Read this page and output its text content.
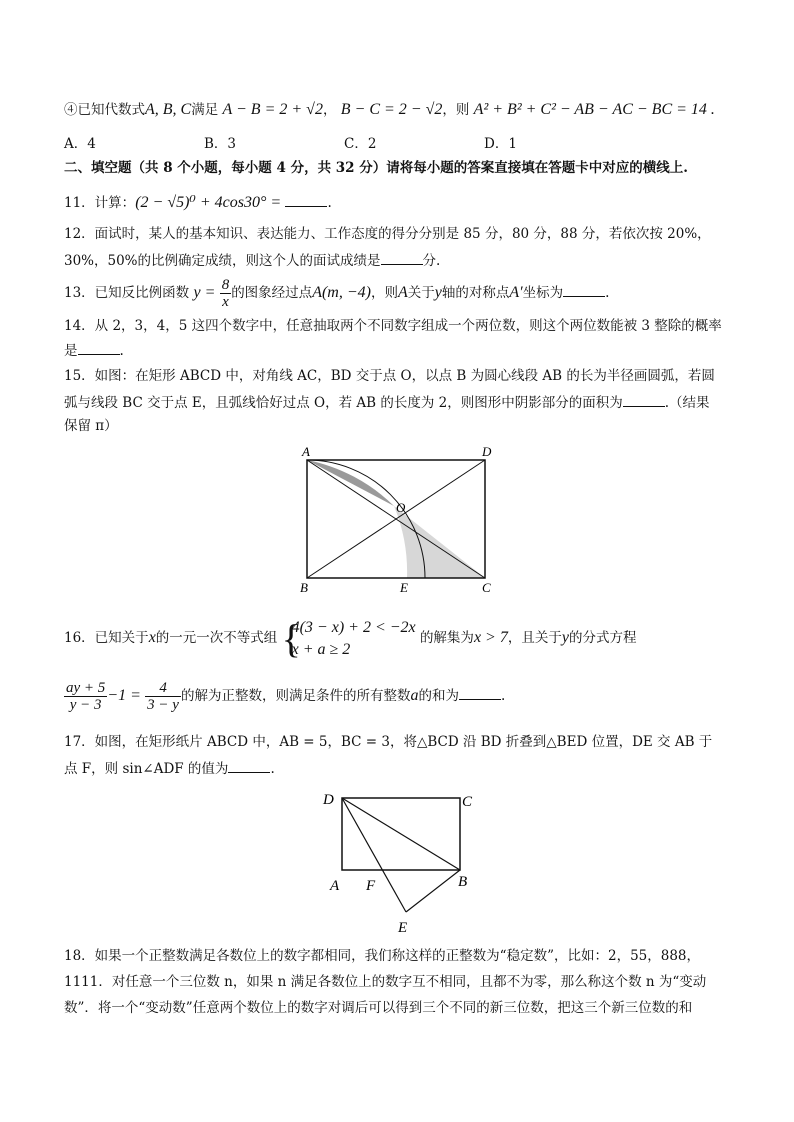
④已知代数式A, B, C满足 A − B = 2 + √2， B − C = 2 − √2，则 A² + B² + C² − AB − AC − BC = 14 .
A．4	B．3	C．2	D．1
二、填空题（共 8 个小题，每小题 4 分，共 32 分）请将每小题的答案直接填在答题卡中对应的横线上.
11．计算：(2 − √5)⁰ + 4cos30° =	.
12．面试时，某人的基本知识、表达能力、工作态度的得分分别是 85 分，80 分，88 分，若依次按 20%，
30%，50%的比例确定成绩，则这个人的面试成绩是	分.
13．已知反比例函数 $y = \frac{8}{x}$ 的图象经过点A(m, −4)，则A关于y轴的对称点A′坐标为	.
14．从 2，3，4，5 这四个数字中，任意抽取两个不同数字组成一个两位数，则这个两位数能被 3 整除的概率
是	.
15．如图：在矩形 ABCD 中，对角线 AC，BD 交于点 O，以点 B 为圆心线段 AB 的长为半径画圆弧，若圆
弧与线段 BC 交于点 E，且弧线恰好过点 O，若 AB 的长度为 2，则图形中阴影部分的面积为	.（结果
保留 π）
A	D
O
B	E	C
16．已知关于x的一元一次不等式组 {
4(3 − x) + 2 < −2x
x + a ≥ 2
的解集为x > 7，且关于y的分式方程
$\frac{ay + 5}{y - 3} -1 = \frac{4}{3 - y}$ 的解为正整数，则满足条件的所有整数a的和为	.
17．如图，在矩形纸片 ABCD 中，AB = 5，BC = 3，将△BCD 沿 BD 折叠到△BED 位置，DE 交 AB 于
点 F，则 sin∠ADF 的值为	.
D	C
A F	B
E
18．如果一个正整数满足各数位上的数字都相同，我们称这样的正整数为“稳定数”，比如：2，55，888，
1111．对任意一个三位数 n，如果 n 满足各数位上的数字互不相同，且都不为零，那么称这个数 n 为“变动
数”．将一个“变动数”任意两个数位上的数字对调后可以得到三个不同的新三位数，把这三个新三位数的和
